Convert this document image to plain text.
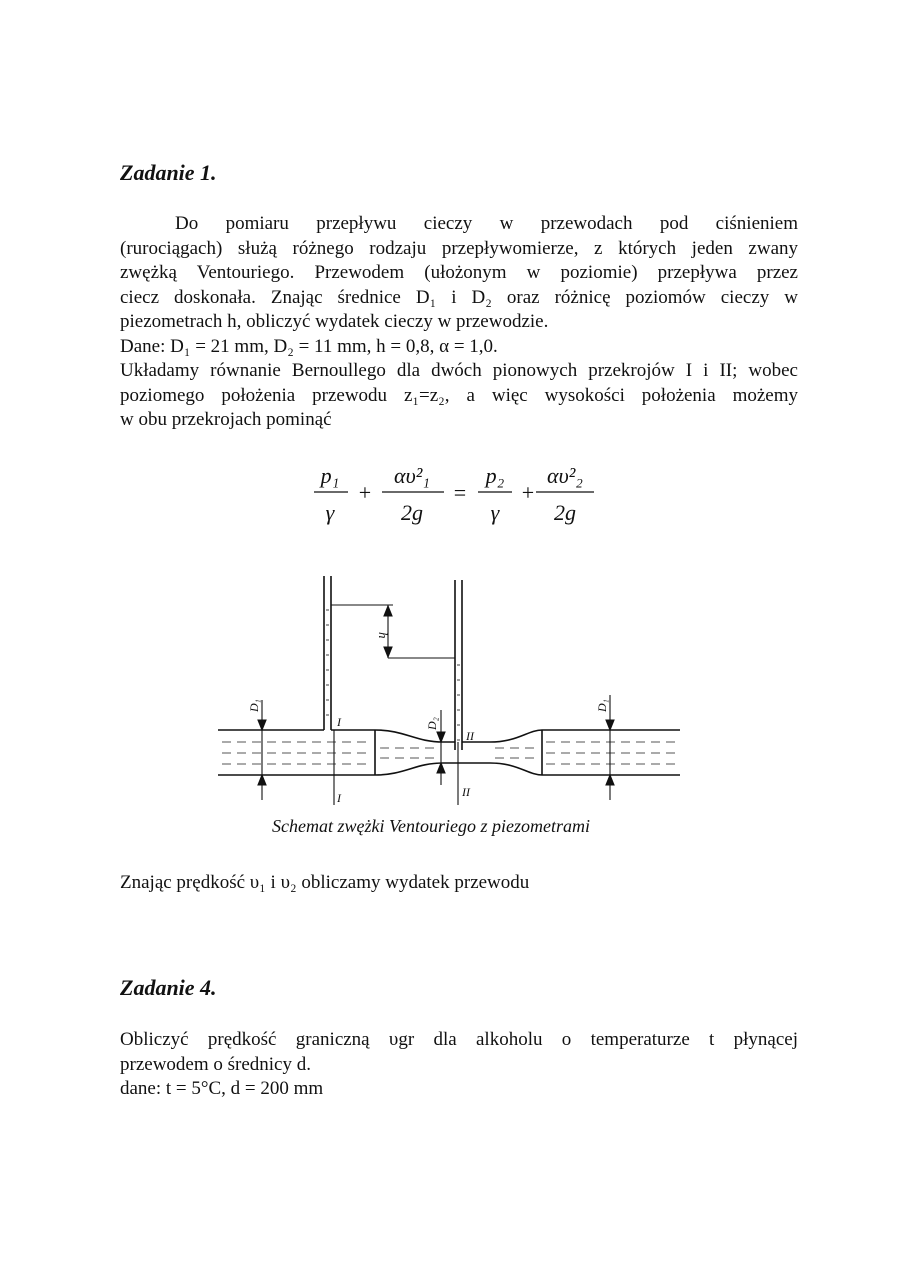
Zadanie 1.

Do pomiaru przepływu cieczy w przewodach pod ciśnieniem

(rurociągach) służą różnego rodzaju przepływomierze, z których jeden zwany

zwężką Ventouriego. Przewodem (ułożonym w poziomie) przepływa przez

ciecz doskonała. Znając średnice D₁ i D₂ oraz różnicę poziomów cieczy w

piezometrach h, obliczyć wydatek cieczy w przewodzie.

Dane: D₁ = 21 mm, D₂ = 11 mm, h = 0,8, α = 1,0.

Układamy równanie Bernoullego dla dwóch pionowych przekrojów I i II; wobec

poziomego położenia przewodu z₁=z₂, a więc wysokości położenia możemy

w obu przekrojach pominąć

p₁
γ
+
αυ²₁
2g
=
p₂
γ
+
αυ²₂
2g
h
D₁
D₂
D₁
I
II
I	II
Schemat zwężki Ventouriego z piezometrami
Znając prędkość υ₁ i υ₂ obliczamy wydatek przewodu
Zadanie 4.

Obliczyć prędkość graniczną υgr dla alkoholu o temperaturze t płynącej

przewodem o średnicy d.

dane: t = 5°C, d = 200 mm
